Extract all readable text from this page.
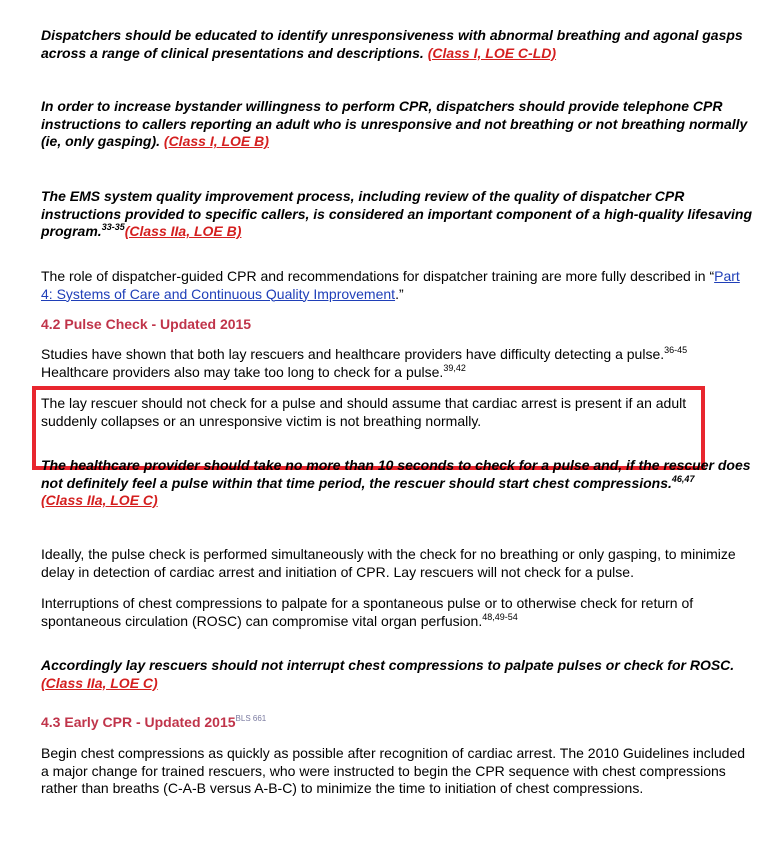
Dispatchers should be educated to identify unresponsiveness with abnormal breathing and agonal gasps across a range of clinical presentations and descriptions. (Class I, LOE C-LD)
In order to increase bystander willingness to perform CPR, dispatchers should provide telephone CPR instructions to callers reporting an adult who is unresponsive and not breathing or not breathing normally (ie, only gasping). (Class I, LOE B)
The EMS system quality improvement process, including review of the quality of dispatcher CPR instructions provided to specific callers, is considered an important component of a high-quality lifesaving program.$^{33-35}$(Class IIa, LOE B)
The role of dispatcher-guided CPR and recommendations for dispatcher training are more fully described in “Part 4: Systems of Care and Continuous Quality Improvement.”
4.2 Pulse Check - Updated 2015
Studies have shown that both lay rescuers and healthcare providers have difficulty detecting a pulse.$^{36-45}$
Healthcare providers also may take too long to check for a pulse.$^{39,42}$
The lay rescuer should not check for a pulse and should assume that cardiac arrest is present if an adult suddenly collapses or an unresponsive victim is not breathing normally.
The healthcare provider should take no more than 10 seconds to check for a pulse and, if the rescuer does not definitely feel a pulse within that time period, the rescuer should start chest compressions.$^{46,47}$
(Class IIa, LOE C)
Ideally, the pulse check is performed simultaneously with the check for no breathing or only gasping, to minimize delay in detection of cardiac arrest and initiation of CPR. Lay rescuers will not check for a pulse.
Interruptions of chest compressions to palpate for a spontaneous pulse or to otherwise check for return of spontaneous circulation (ROSC) can compromise vital organ perfusion.$^{48,49-54}$
Accordingly lay rescuers should not interrupt chest compressions to palpate pulses or check for ROSC.
(Class IIa, LOE C)
4.3 Early CPR - Updated $2015^{BLS 661}$
Begin chest compressions as quickly as possible after recognition of cardiac arrest. The 2010 Guidelines included a major change for trained rescuers, who were instructed to begin the CPR sequence with chest compressions rather than breaths (C-A-B versus A-B-C) to minimize the time to initiation of chest compressions.
